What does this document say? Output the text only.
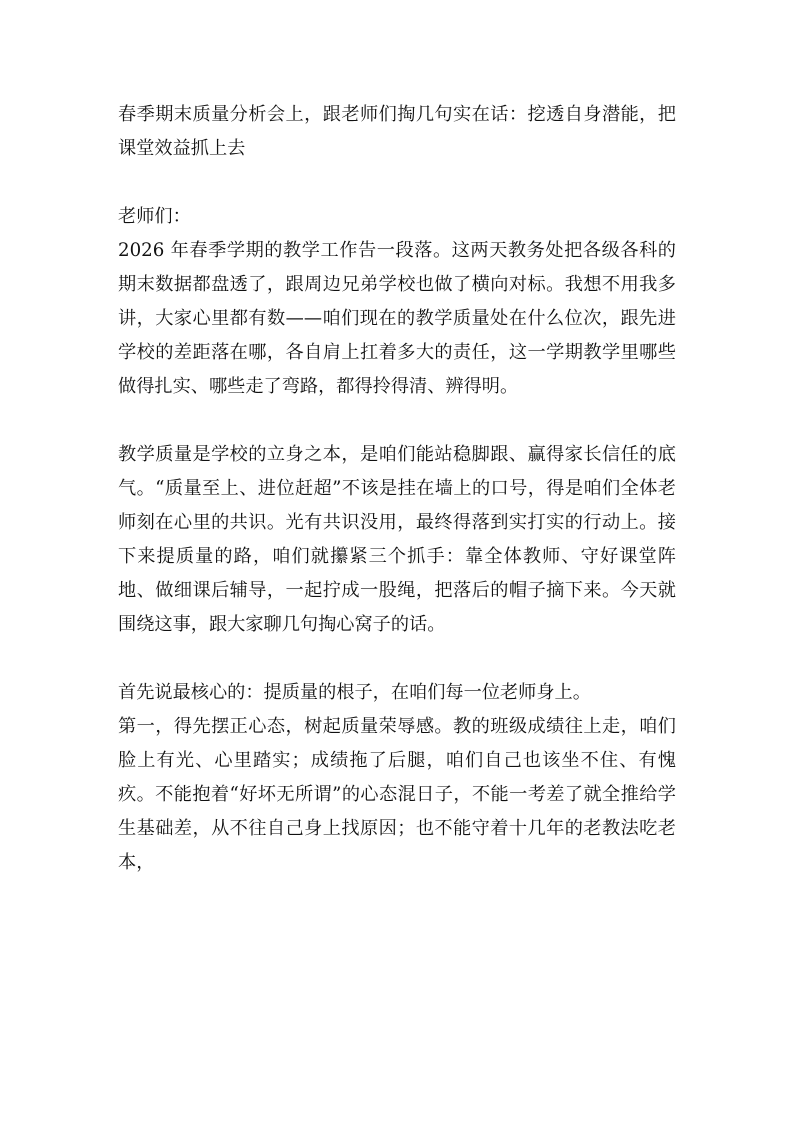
春季期末质量分析会上，跟老师们掏几句实在话：挖透自身潜能，把课堂效益抓上去

老师们：

2026 年春季学期的教学工作告一段落。这两天教务处把各级各科的期末数据都盘透了，跟周边兄弟学校也做了横向对标。我想不用我多讲，大家心里都有数——咱们现在的教学质量处在什么位次，跟先进学校的差距落在哪，各自肩上扛着多大的责任，这一学期教学里哪些做得扎实、哪些走了弯路，都得拎得清、辨得明。

教学质量是学校的立身之本，是咱们能站稳脚跟、赢得家长信任的底气。“质量至上、进位赶超”不该是挂在墙上的口号，得是咱们全体老师刻在心里的共识。光有共识没用，最终得落到实打实的行动上。接下来提质量的路，咱们就攥紧三个抓手：靠全体教师、守好课堂阵地、做细课后辅导，一起拧成一股绳，把落后的帽子摘下来。今天就围绕这事，跟大家聊几句掏心窝子的话。

首先说最核心的：提质量的根子，在咱们每一位老师身上。

第一，得先摆正心态，树起质量荣辱感。教的班级成绩往上走，咱们脸上有光、心里踏实；成绩拖了后腿，咱们自己也该坐不住、有愧疚。不能抱着“好坏无所谓”的心态混日子，不能一考差了就全推给学生基础差，从不往自己身上找原因；也不能守着十几年的老教法吃老本，
